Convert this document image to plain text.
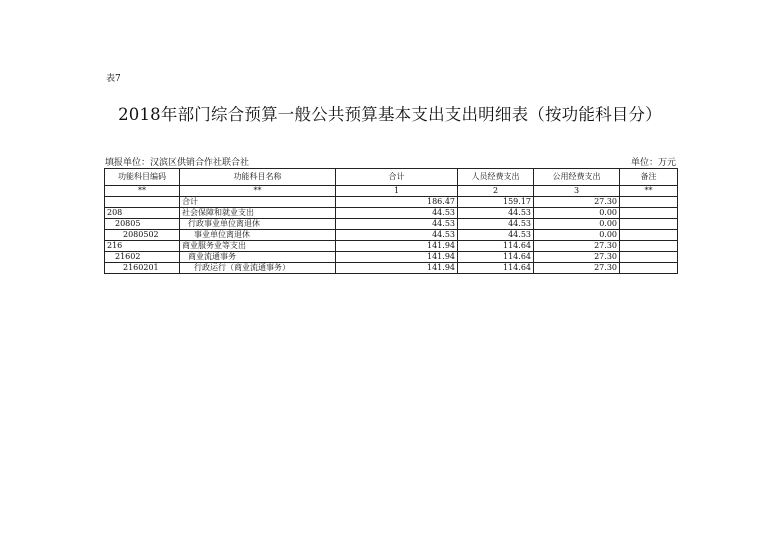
表7
2018年部门综合预算一般公共预算基本支出支出明细表（按功能科目分）
填报单位：汉滨区供销合作社联合社	单位：万元
功能科目编码	功能科目名称	合计	人员经费支出	公用经费支出	备注
**	**	1	2	3	**
	合计	186.47	159.17	27.30	
208	社会保障和就业支出	44.53	44.53	0.00	
20805	行政事业单位离退休	44.53	44.53	0.00	
2080502	事业单位离退休	44.53	44.53	0.00	
216	商业服务业等支出	141.94	114.64	27.30	
21602	商业流通事务	141.94	114.64	27.30	
2160201	行政运行（商业流通事务）	141.94	114.64	27.30	
